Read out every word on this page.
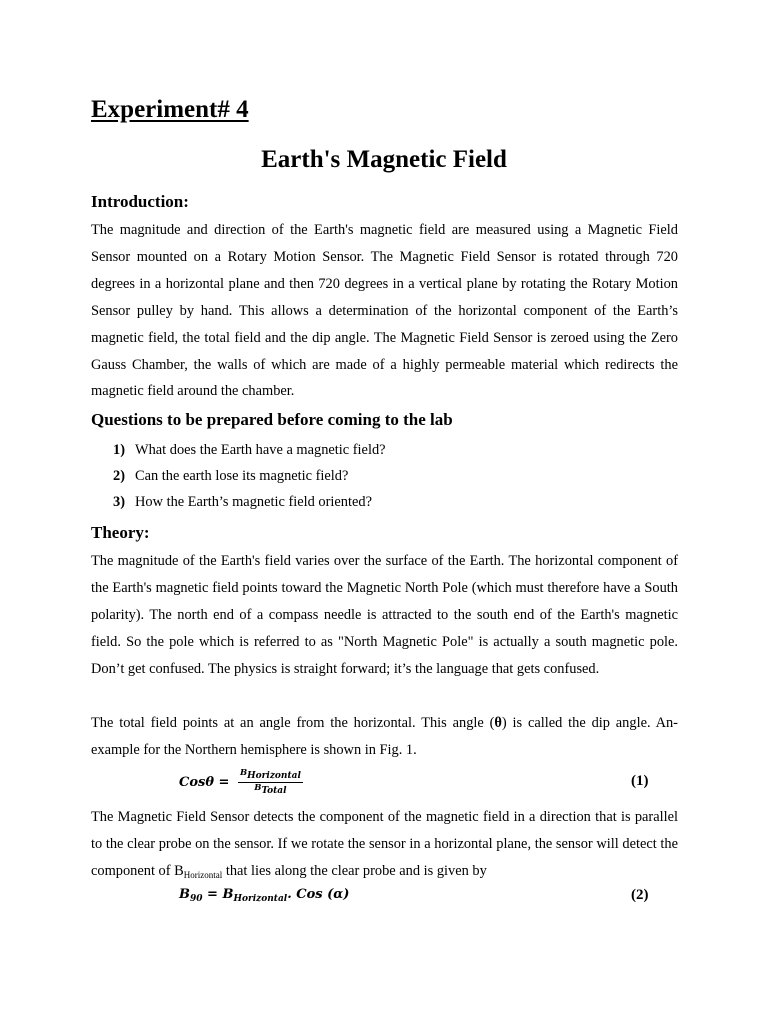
Experiment# 4
Earth's Magnetic Field
Introduction:

The magnitude and direction of the Earth's magnetic field are measured using a Magnetic Field Sensor mounted on a Rotary Motion Sensor. The Magnetic Field Sensor is rotated through 720 degrees in a horizontal plane and then 720 degrees in a vertical plane by rotating the Rotary Motion Sensor pulley by hand. This allows a determination of the horizontal component of the Earth’s magnetic field, the total field and the dip angle. The Magnetic Field Sensor is zeroed using the Zero Gauss Chamber, the walls of which are made of a highly permeable material which redirects the magnetic field around the chamber.

Questions to be prepared before coming to the lab

1) What does the Earth have a magnetic field?

2) Can the earth lose its magnetic field?

3) How the Earth’s magnetic field oriented?

Theory:

The magnitude of the Earth's field varies over the surface of the Earth. The horizontal component of the Earth's magnetic field points toward the Magnetic North Pole (which must therefore have a South polarity). The north end of a compass needle is attracted to the south end of the Earth's magnetic field. So the pole which is referred to as "North Magnetic Pole" is actually a south magnetic pole. Don’t get confused. The physics is straight forward; it’s the language that gets confused.

The total field points at an angle from the horizontal. This angle (θ) is called the dip angle. An-example for the Northern hemisphere is shown in Fig. 1.

$Cos\theta = \frac{\text{BHorizontal}}{\text{BTotal}}$	(1)

The Magnetic Field Sensor detects the component of the magnetic field in a direction that is parallel to the clear probe on the sensor. If we rotate the sensor in a horizontal plane, the sensor will detect the component of $B_{Horizontal}$ that lies along the clear probe and is given by

$B_{90} = B_{Horizontal}$. Cos (α)	(2)
